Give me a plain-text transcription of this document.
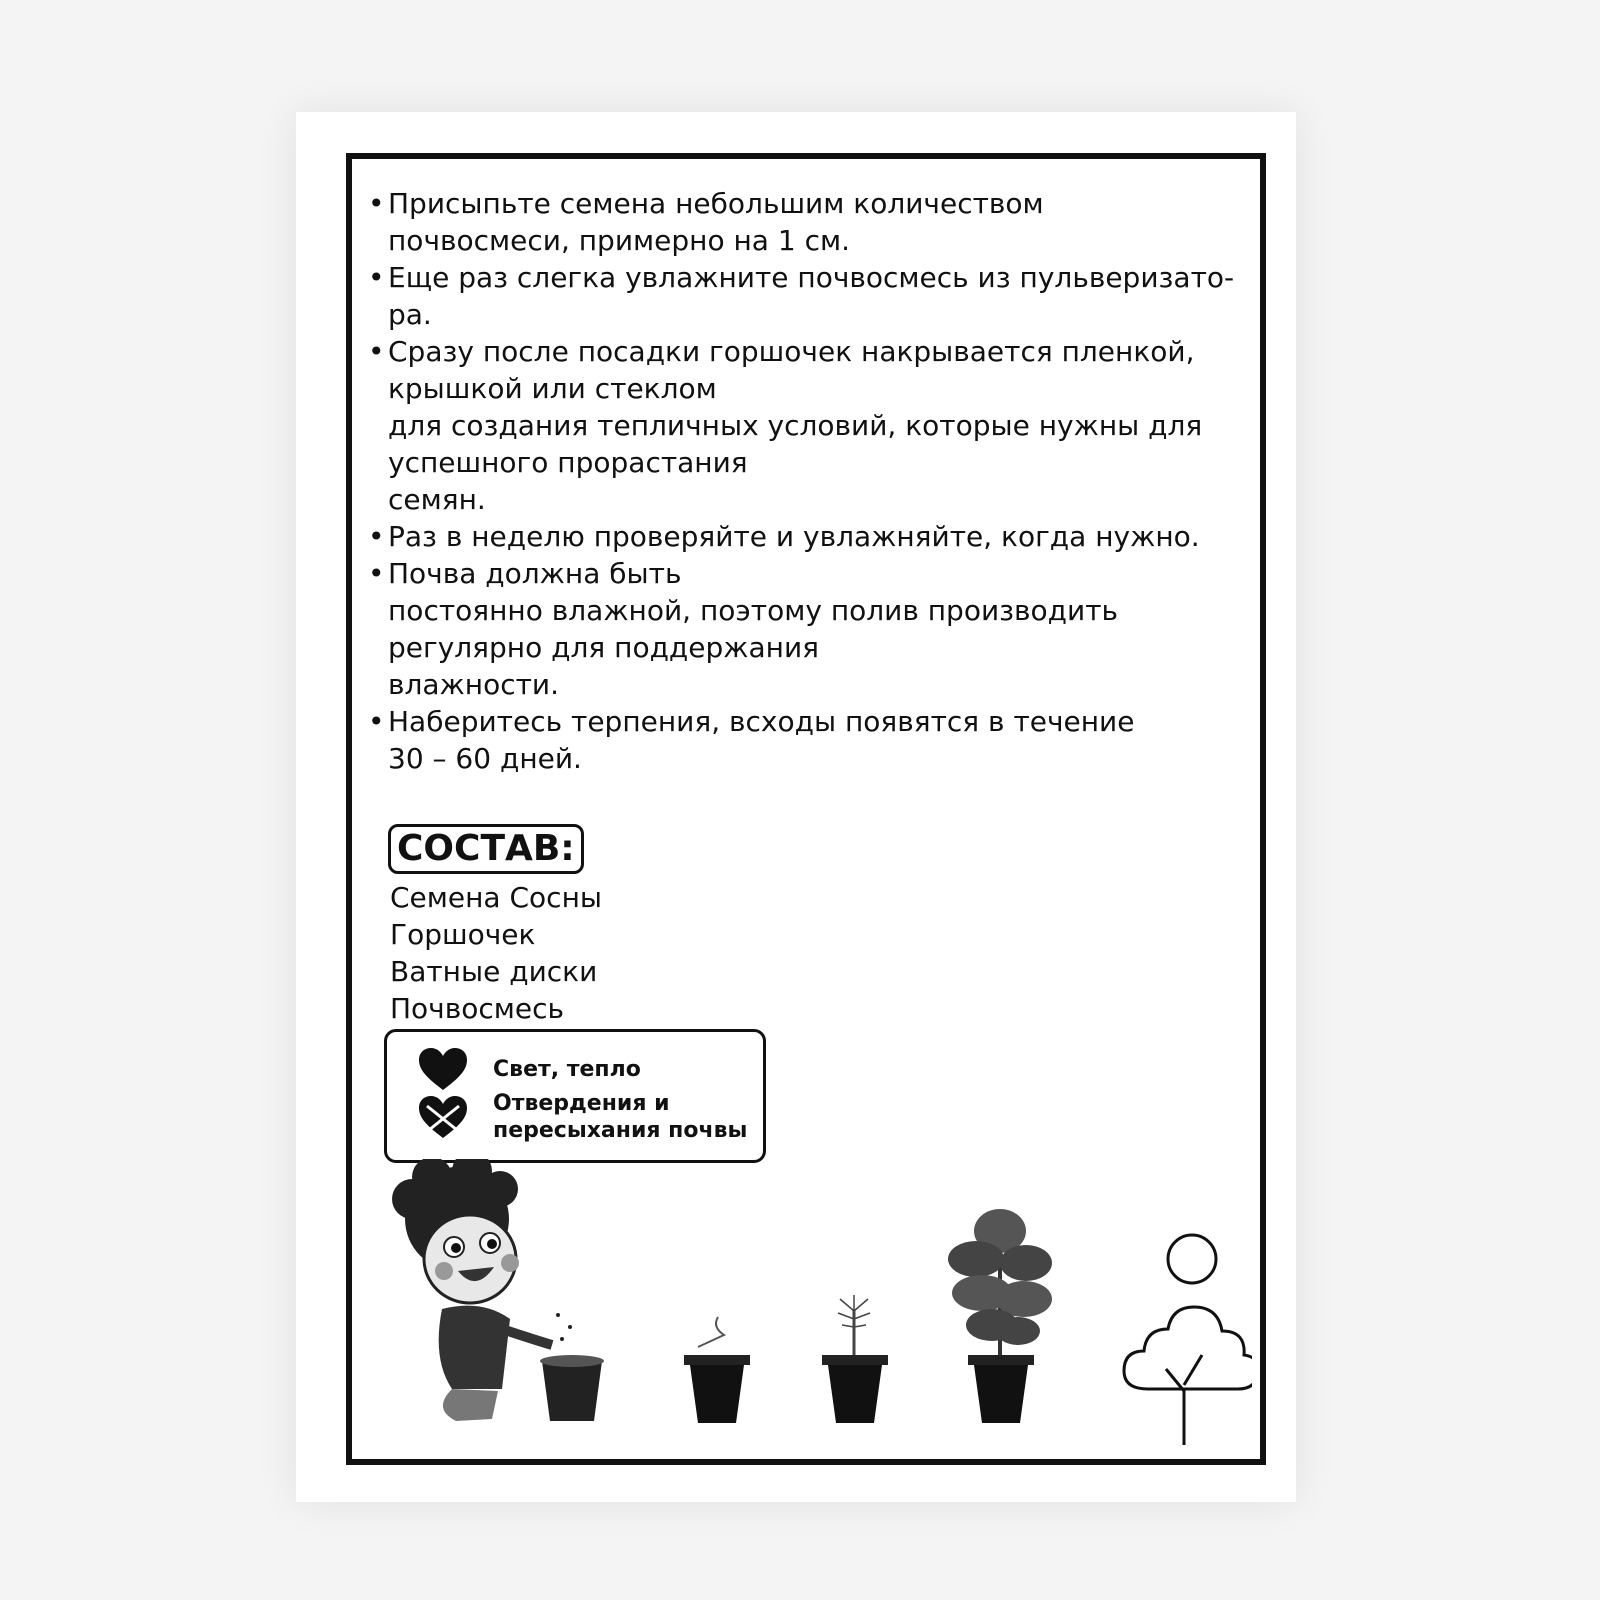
• Присыпьте семена небольшим количеством
почвосмеси, примерно на 1 см.
• Еще раз слегка увлажните почвосмесь из пульверизато-
ра.
• Сразу после посадки горшочек накрывается пленкой,
крышкой или стеклом
для создания тепличных условий, которые нужны для
успешного прорастания
семян.
• Раз в неделю проверяйте и увлажняйте, когда нужно.
• Почва должна быть
постоянно влажной, поэтому полив производить
регулярно для поддержания
влажности.
• Наберитесь терпения, всходы появятся в течение
30 – 60 дней.
СОСТАВ:
Семена Сосны
Горшочек
Ватные диски
Почвосмесь
Свет, тепло
Отвердения и
пересыхания почвы
